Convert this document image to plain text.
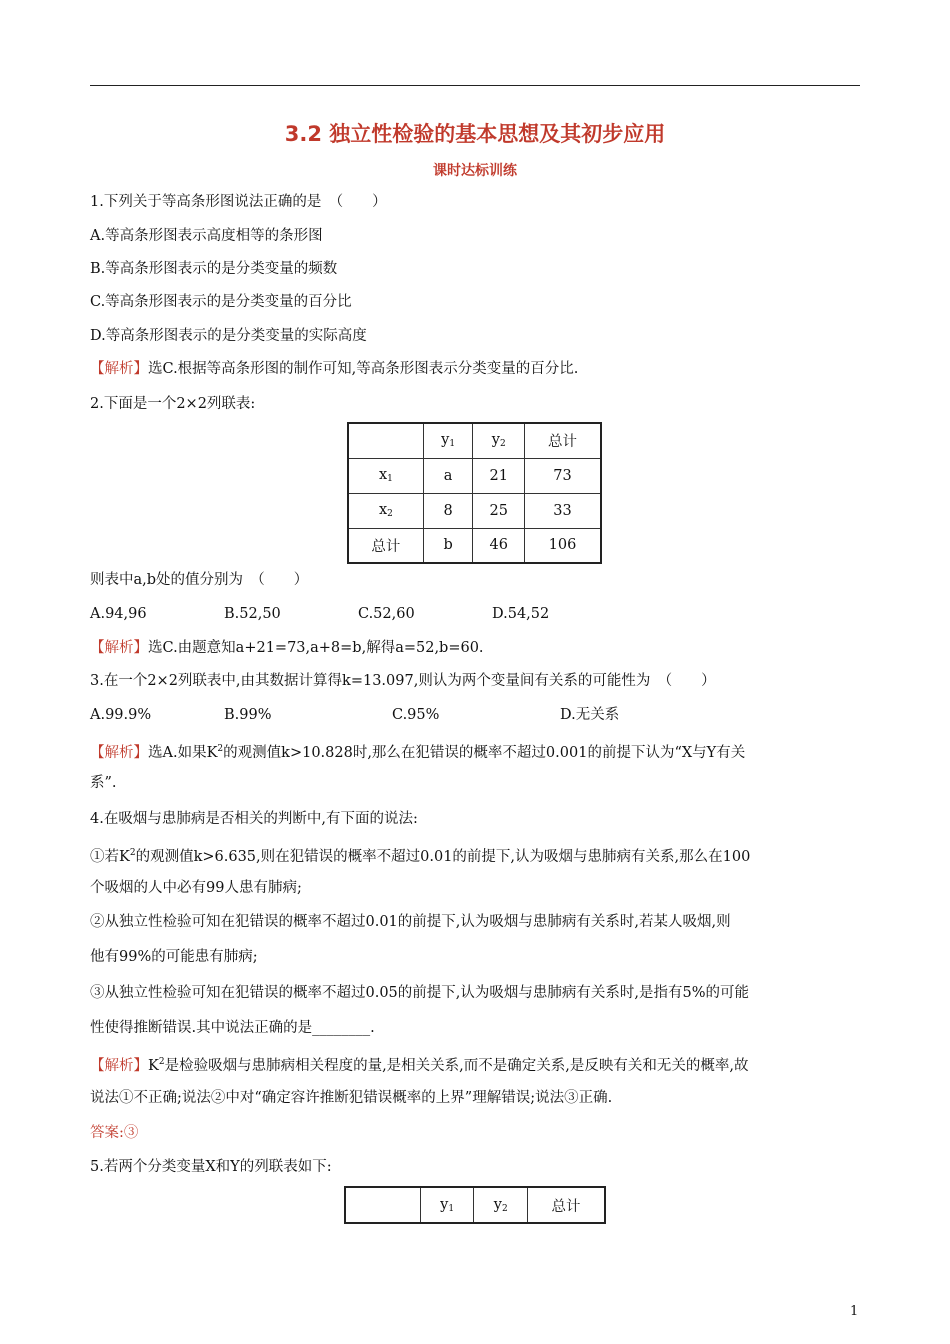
3.2 独立性检验的基本思想及其初步应用
课时达标训练
1.下列关于等高条形图说法正确的是　（　　）
A.等高条形图表示高度相等的条形图
B.等高条形图表示的是分类变量的频数
C.等高条形图表示的是分类变量的百分比
D.等高条形图表示的是分类变量的实际高度
【解析】选C.根据等高条形图的制作可知,等高条形图表示分类变量的百分比.
2.下面是一个2×2列联表:
	$y_1$	$y_2$	总计
$x_1$	a	21	73
$x_2$	8	25	33
总计	b	46	106
则表中a,b处的值分别为　（　　）
A.94,96	B.52,50	C.52,60	D.54,52
【解析】选C.由题意知a+21=73,a+8=b,解得a=52,b=60.
3.在一个2×2列联表中,由其数据计算得k=13.097,则认为两个变量间有关系的可能性为　（　　）
A.99.9%	B.99%	C.95%	D.无关系
【解析】选A.如果$K^2$的观测值k>10.828时,那么在犯错误的概率不超过0.001的前提下认为“X与Y有关
系”.
4.在吸烟与患肺病是否相关的判断中,有下面的说法:
①若$K^2$的观测值k>6.635,则在犯错误的概率不超过0.01的前提下,认为吸烟与患肺病有关系,那么在100
个吸烟的人中必有99人患有肺病;
②从独立性检验可知在犯错误的概率不超过0.01的前提下,认为吸烟与患肺病有关系时,若某人吸烟,则
他有99%的可能患有肺病;
③从独立性检验可知在犯错误的概率不超过0.05的前提下,认为吸烟与患肺病有关系时,是指有5%的可能
性使得推断错误.其中说法正确的是________.
【解析】$K^2$是检验吸烟与患肺病相关程度的量,是相关关系,而不是确定关系,是反映有关和无关的概率,故
说法①不正确;说法②中对“确定容许推断犯错误概率的上界”理解错误;说法③正确.
答案:③
5.若两个分类变量X和Y的列联表如下:
	$y_1$	$y_2$	总计
1
